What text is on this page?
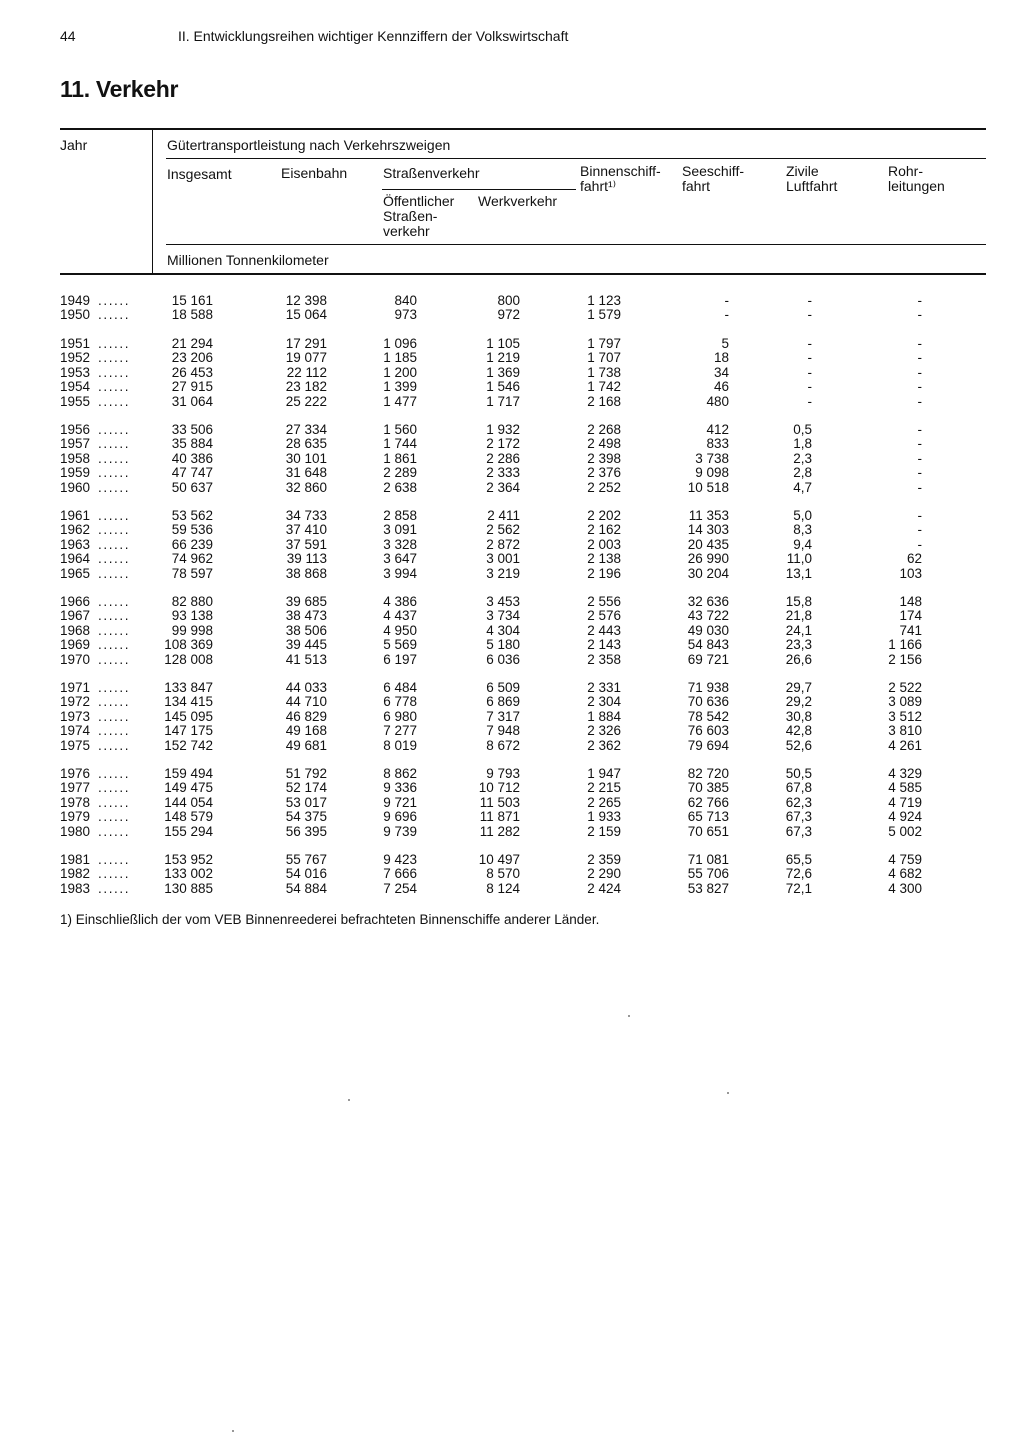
44	II. Entwicklungsreihen wichtiger Kennziffern der Volkswirtschaft
11. Verkehr
Jahr	Gütertransportleistung nach Verkehrszweigen
Insgesamt	Eisenbahn	Straßenverkehr
Öffentlicher
Straßen-
verkehr
Werkverkehr
Binnenschiff-
fahrt¹⁾
Seeschiff-
fahrt
Zivile
Luftfahrt
Rohr-
leitungen
Millionen Tonnenkilometer
1949 ......	15 161	12 398	840	800	1 123	-	-	-
1950 ......	18 588	15 064	973	972	1 579	-	-	-
1951 ......	21 294	17 291	1 096	1 105	1 797	5	-	-
1952 ......	23 206	19 077	1 185	1 219	1 707	18	-	-
1953 ......	26 453	22 112	1 200	1 369	1 738	34	-	-
1954 ......	27 915	23 182	1 399	1 546	1 742	46	-	-
1955 ......	31 064	25 222	1 477	1 717	2 168	480	-	-
1956 ......	33 506	27 334	1 560	1 932	2 268	412	0,5	-
1957 ......	35 884	28 635	1 744	2 172	2 498	833	1,8	-
1958 ......	40 386	30 101	1 861	2 286	2 398	3 738	2,3	-
1959 ......	47 747	31 648	2 289	2 333	2 376	9 098	2,8	-
1960 ......	50 637	32 860	2 638	2 364	2 252	10 518	4,7	-
1961 ......	53 562	34 733	2 858	2 411	2 202	11 353	5,0	-
1962 ......	59 536	37 410	3 091	2 562	2 162	14 303	8,3	-
1963 ......	66 239	37 591	3 328	2 872	2 003	20 435	9,4	-
1964 ......	74 962	39 113	3 647	3 001	2 138	26 990	11,0	62
1965 ......	78 597	38 868	3 994	3 219	2 196	30 204	13,1	103
1966 ......	82 880	39 685	4 386	3 453	2 556	32 636	15,8	148
1967 ......	93 138	38 473	4 437	3 734	2 576	43 722	21,8	174
1968 ......	99 998	38 506	4 950	4 304	2 443	49 030	24,1	741
1969 ......	108 369	39 445	5 569	5 180	2 143	54 843	23,3	1 166
1970 ......	128 008	41 513	6 197	6 036	2 358	69 721	26,6	2 156
1971 ......	133 847	44 033	6 484	6 509	2 331	71 938	29,7	2 522
1972 ......	134 415	44 710	6 778	6 869	2 304	70 636	29,2	3 089
1973 ......	145 095	46 829	6 980	7 317	1 884	78 542	30,8	3 512
1974 ......	147 175	49 168	7 277	7 948	2 326	76 603	42,8	3 810
1975 ......	152 742	49 681	8 019	8 672	2 362	79 694	52,6	4 261
1976 ......	159 494	51 792	8 862	9 793	1 947	82 720	50,5	4 329
1977 ......	149 475	52 174	9 336	10 712	2 215	70 385	67,8	4 585
1978 ......	144 054	53 017	9 721	11 503	2 265	62 766	62,3	4 719
1979 ......	148 579	54 375	9 696	11 871	1 933	65 713	67,3	4 924
1980 ......	155 294	56 395	9 739	11 282	2 159	70 651	67,3	5 002
1981 ......	153 952	55 767	9 423	10 497	2 359	71 081	65,5	4 759
1982 ......	133 002	54 016	7 666	8 570	2 290	55 706	72,6	4 682
1983 ......	130 885	54 884	7 254	8 124	2 424	53 827	72,1	4 300
1) Einschließlich der vom VEB Binnenreederei befrachteten Binnenschiffe anderer Länder.
